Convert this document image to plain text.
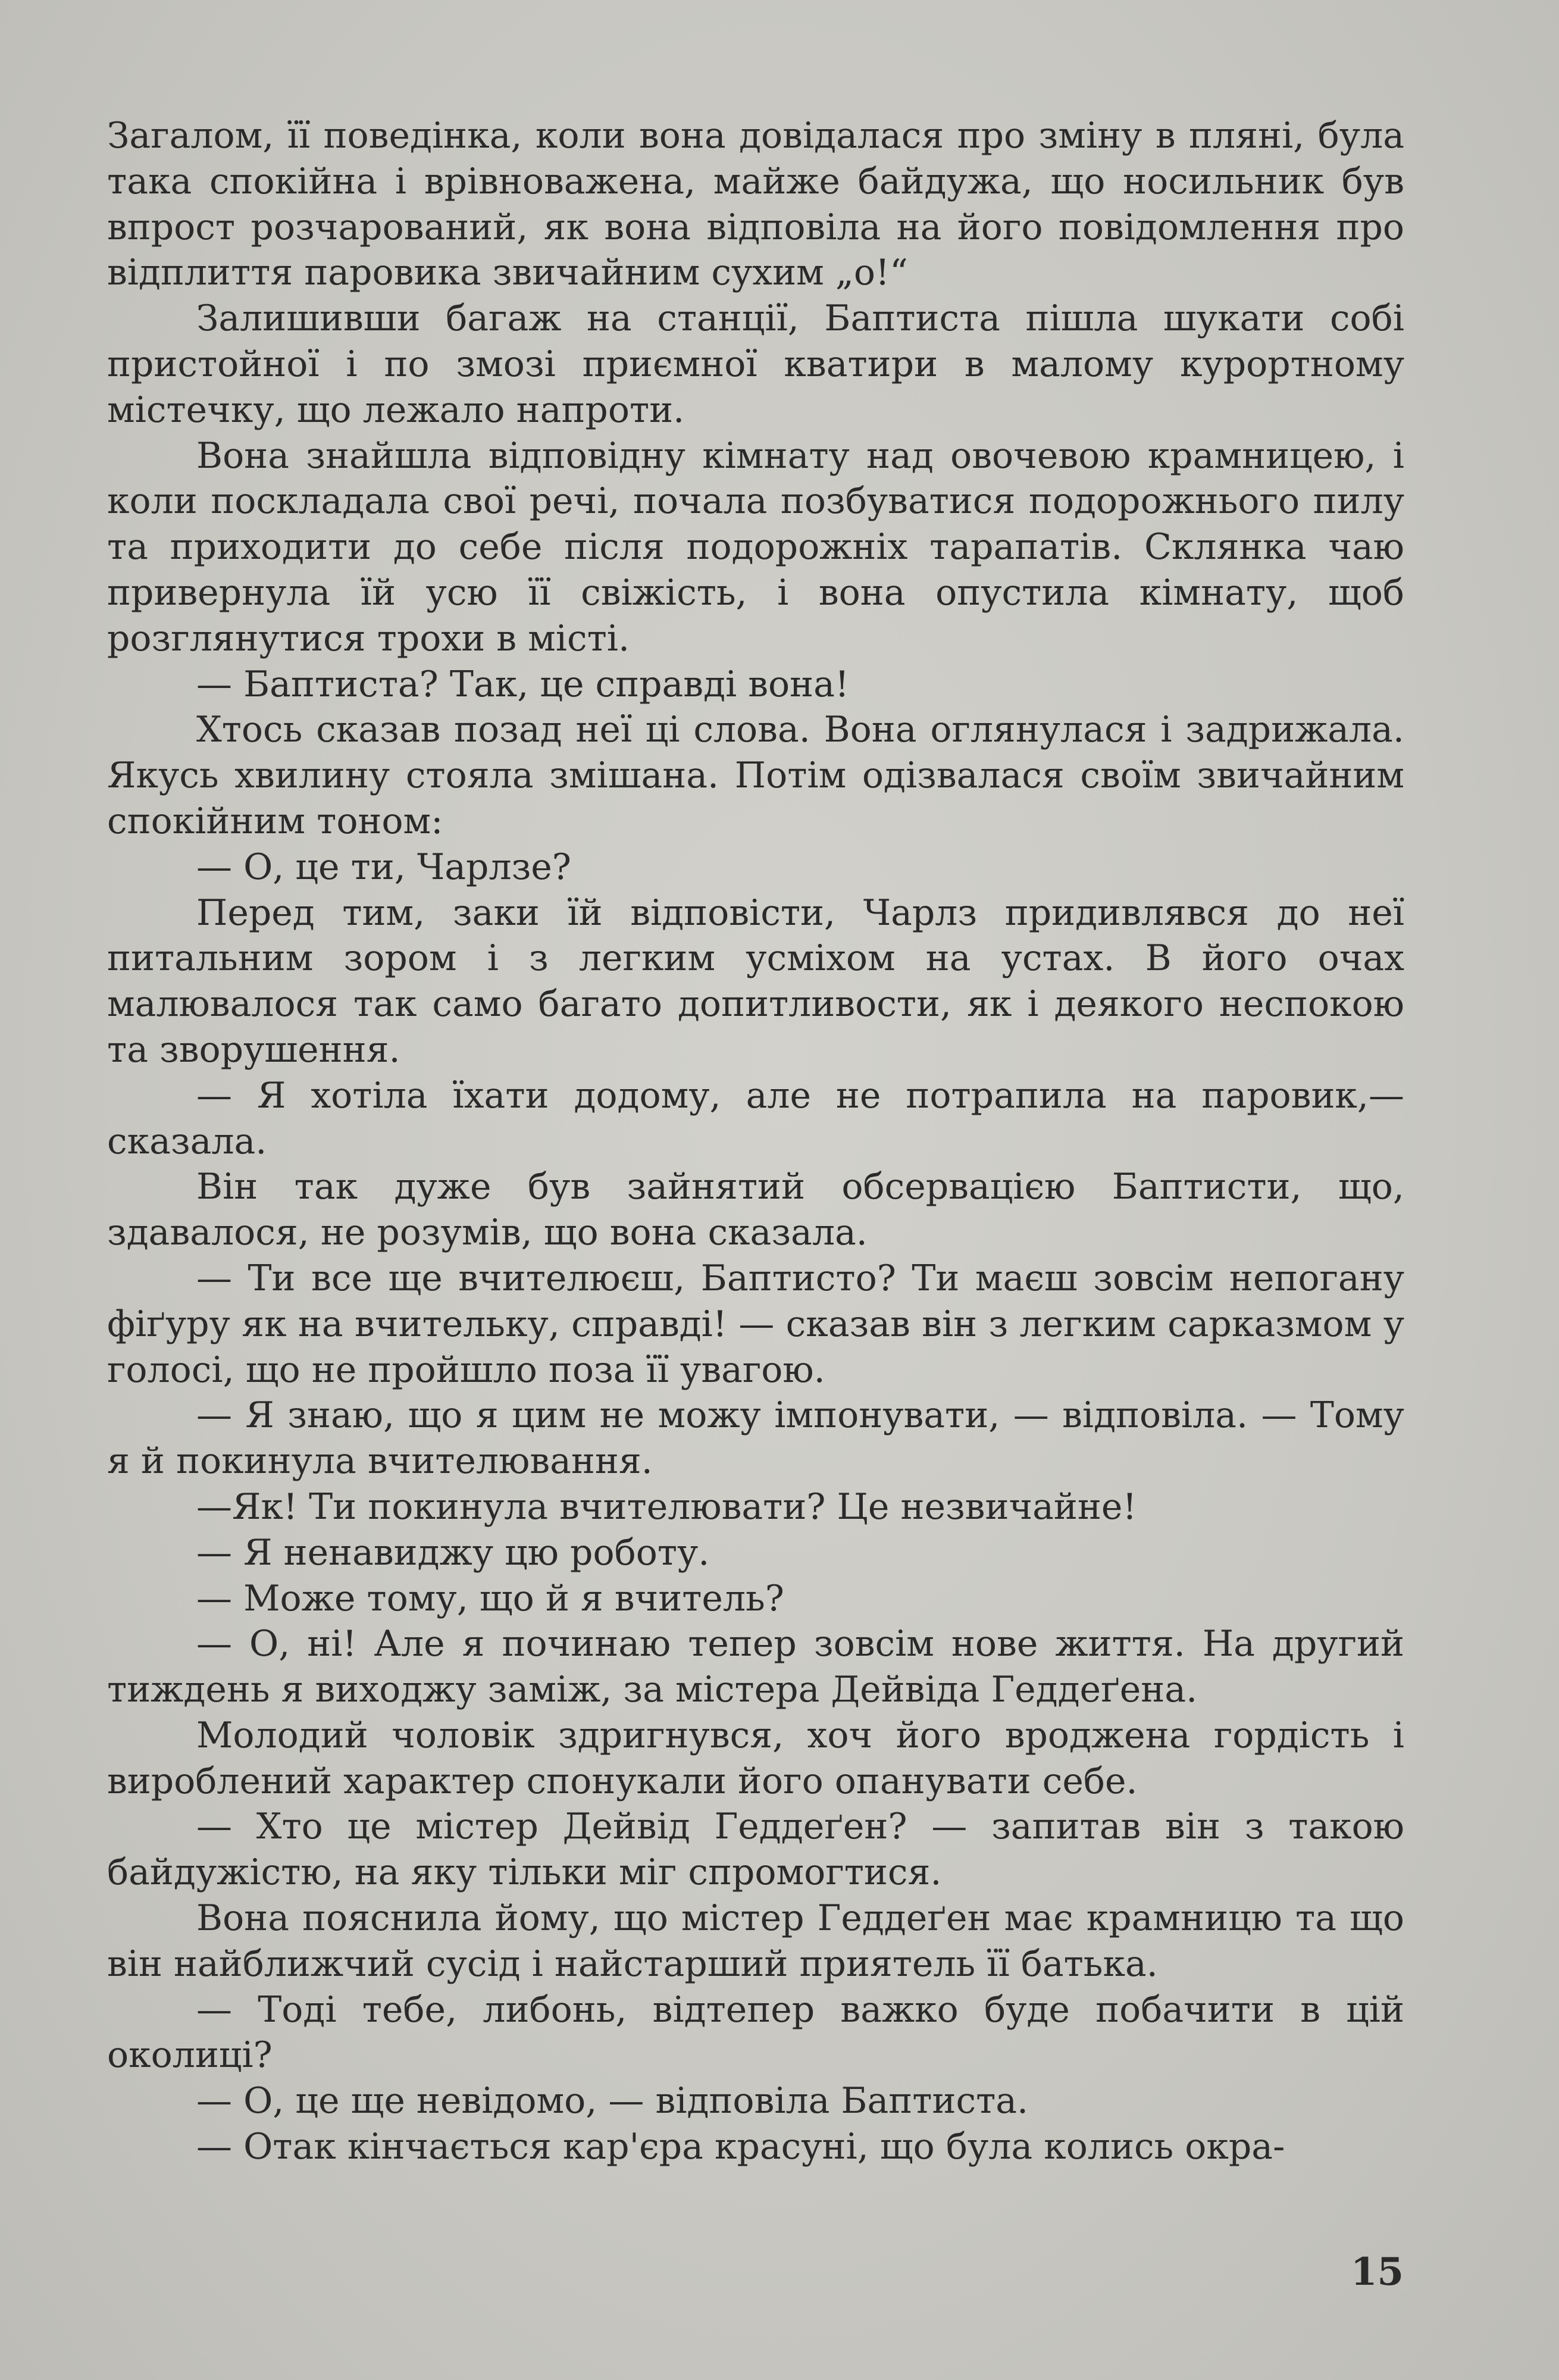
Загалом, її поведінка, коли вона довідалася про зміну в пляні, була така спокійна і врівноважена, майже байдужа, що носильник був впрост розчарований, як вона відповіла на його повідомлення про відплиття паровика звичайним сухим „о!“

Залишивши багаж на станції, Баптиста пішла шукати собі пристойної і по змозі приємної кватири в малому курортному містечку, що лежало напроти.

Вона знайшла відповідну кімнату над овочевою крамницею, і коли поскладала свої речі, почала позбуватися подорожнього пилу та приходити до себе після подорожніх тарапатів. Склянка чаю привернула їй усю її свіжість, і вона опустила кімнату, щоб розглянутися трохи в місті.

— Баптиста? Так, це справді вона!

Хтось сказав позад неї ці слова. Вона оглянулася і задрижала. Якусь хвилину стояла змішана. Потім одізвалася своїм звичайним спокійним тоном:

— О, це ти, Чарлзе?

Перед тим, заки їй відповісти, Чарлз придивлявся до неї питальним зором і з легким усміхом на устах. В його очах малювалося так само багато допитливости, як і деякого неспокою та зворушення.

— Я хотіла їхати додому, але не потрапила на паровик,— сказала.

Він так дуже був зайнятий обсервацією Баптисти, що, здавалося, не розумів, що вона сказала.

— Ти все ще вчителюєш, Баптисто? Ти маєш зовсім непогану фіґуру як на вчительку, справді! — сказав він з легким сарказмом у голосі, що не пройшло поза її увагою.

— Я знаю, що я цим не можу імпонувати, — відповіла. — Тому я й покинула вчителювання.

—Як! Ти покинула вчителювати? Це незвичайне!

— Я ненавиджу цю роботу.

— Може тому, що й я вчитель?

— О, ні! Але я починаю тепер зовсім нове життя. На другий тиждень я виходжу заміж, за містера Дейвіда Геддеґена.

Молодий чоловік здригнувся, хоч його вроджена гордість і вироблений характер спонукали його опанувати себе.

— Хто це містер Дейвід Геддеґен? — запитав він з такою байдужістю, на яку тільки міг спромогтися.

Вона пояснила йому, що містер Геддеґен має крамницю та що він найближчий сусід і найстарший приятель її батька.

— Тоді тебе, либонь, відтепер важко буде побачити в цій околиці?

— О, це ще невідомо, — відповіла Баптиста.

— Отак кінчається кар'єра красуні, що була колись окра-

15
